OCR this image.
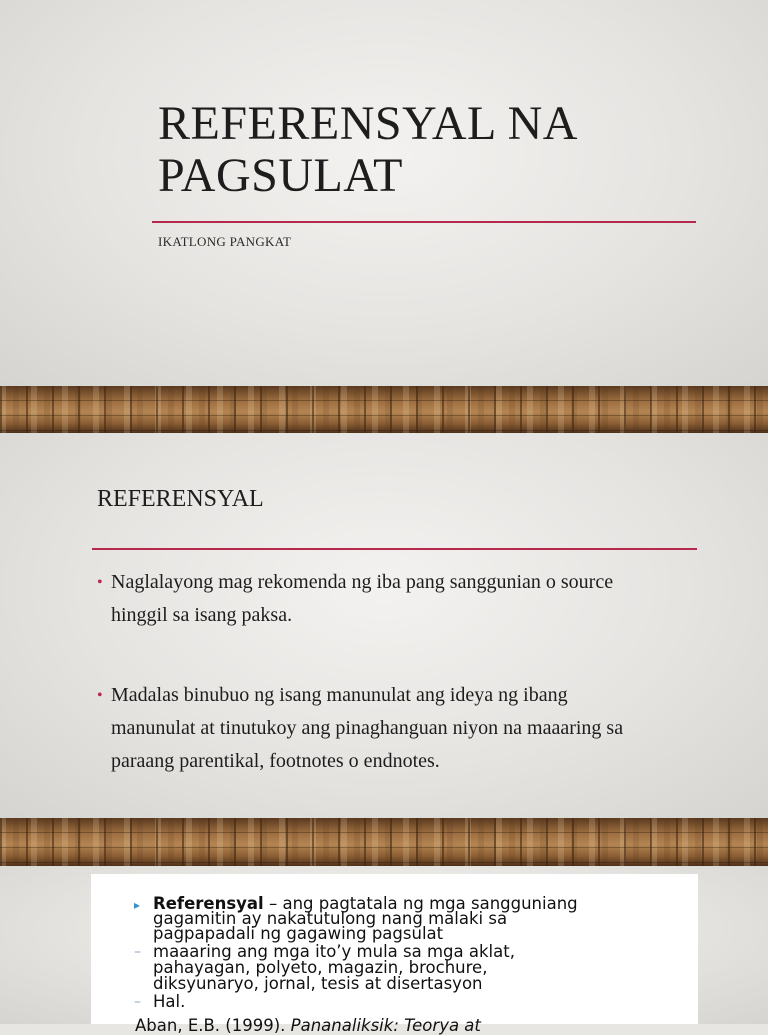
REFERENSYAL NA
PAGSULAT
IKATLONG PANGKAT
REFERENSYAL
• Naglalayong mag rekomenda ng iba pang sanggunian o source
hinggil sa isang paksa.
• Madalas binubuo ng isang manunulat ang ideya ng ibang
manunulat at tinutukoy ang pinaghanguan niyon na maaaring sa
paraang parentikal, footnotes o endnotes.
▸ Referensyal – ang pagtatala ng mga sangguniang
gagamitin ay nakatutulong nang malaki sa
pagpapadali ng gagawing pagsulat
– maaaring ang mga ito’y mula sa mga aklat,
pahayagan, polyeto, magazin, brochure,
diksyunaryo, jornal, tesis at disertasyon
– Hal.
Aban, E.B. (1999). Pananaliksik: Teorya at
